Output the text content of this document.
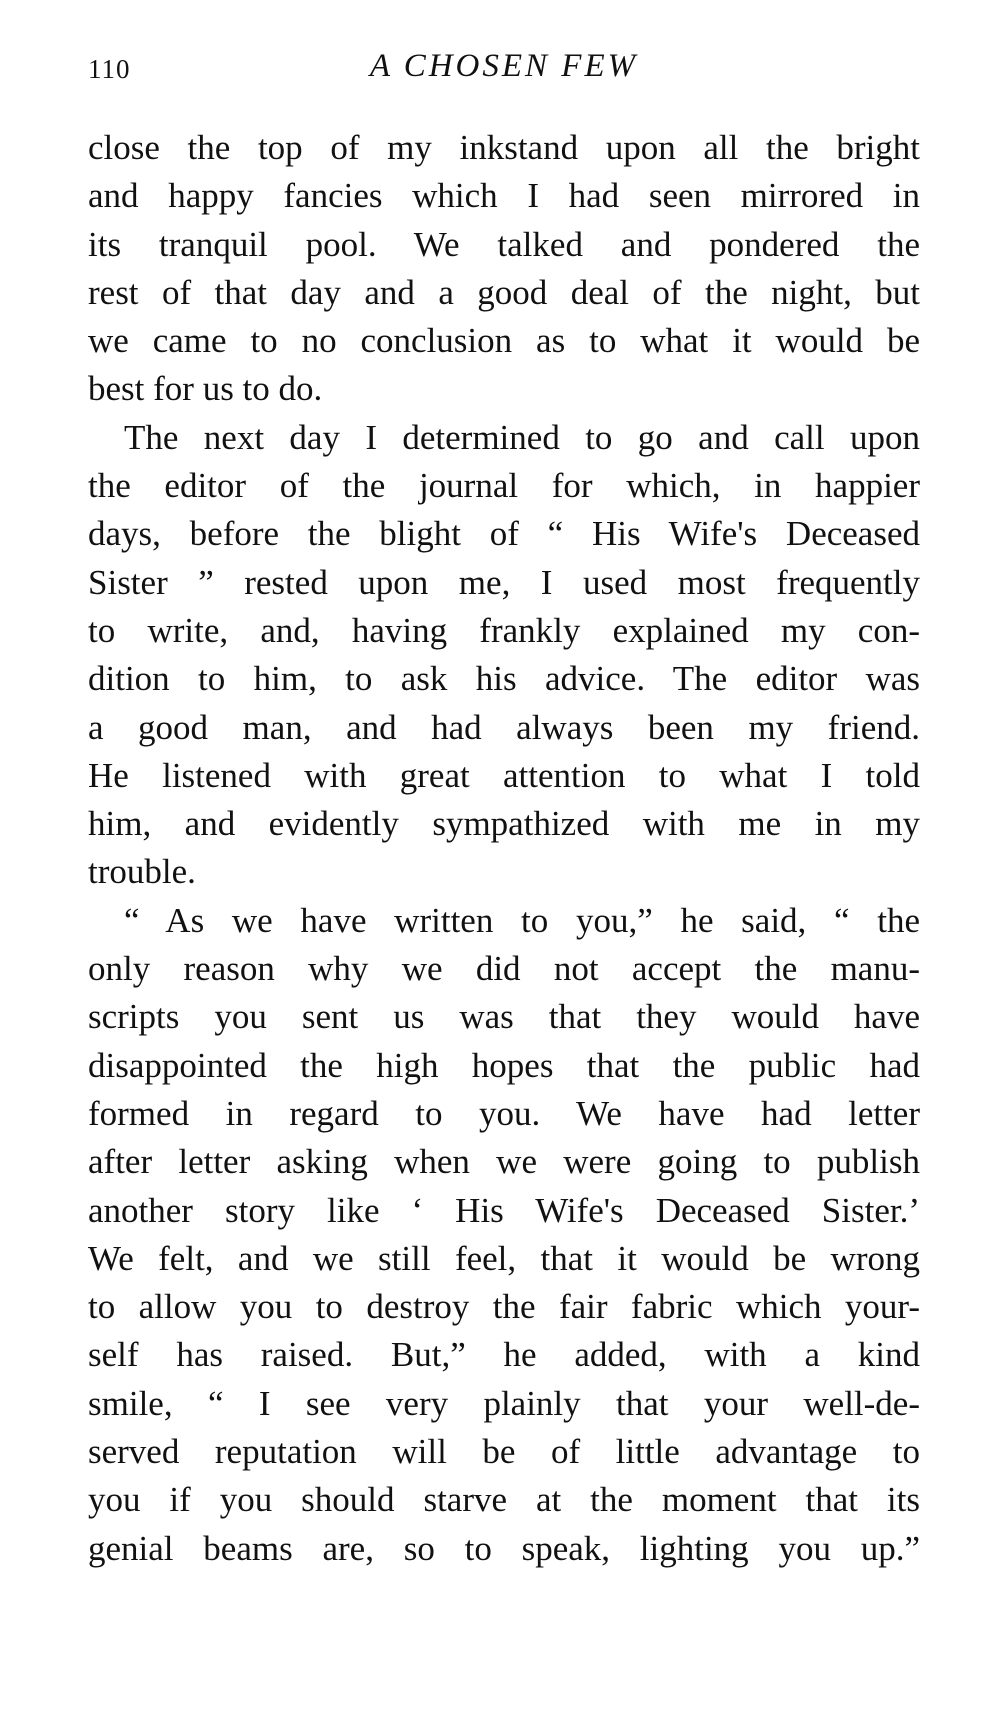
110	A CHOSEN FEW
close the top of my inkstand upon all the bright
and happy fancies which I had seen mirrored in
its tranquil pool. We talked and pondered the
rest of that day and a good deal of the night, but
we came to no conclusion as to what it would be
best for us to do.
The next day I determined to go and call upon
the editor of the journal for which, in happier
days, before the blight of “ His Wife's Deceased
Sister ” rested upon me, I used most frequently
to write, and, having frankly explained my con-
dition to him, to ask his advice. The editor was
a good man, and had always been my friend.
He listened with great attention to what I told
him, and evidently sympathized with me in my
trouble.
“ As we have written to you,” he said, “ the
only reason why we did not accept the manu-
scripts you sent us was that they would have
disappointed the high hopes that the public had
formed in regard to you. We have had letter
after letter asking when we were going to publish
another story like ‘ His Wife's Deceased Sister.’
We felt, and we still feel, that it would be wrong
to allow you to destroy the fair fabric which your-
self has raised. But,” he added, with a kind
smile, “ I see very plainly that your well-de-
served reputation will be of little advantage to
you if you should starve at the moment that its
genial beams are, so to speak, lighting you up.”
